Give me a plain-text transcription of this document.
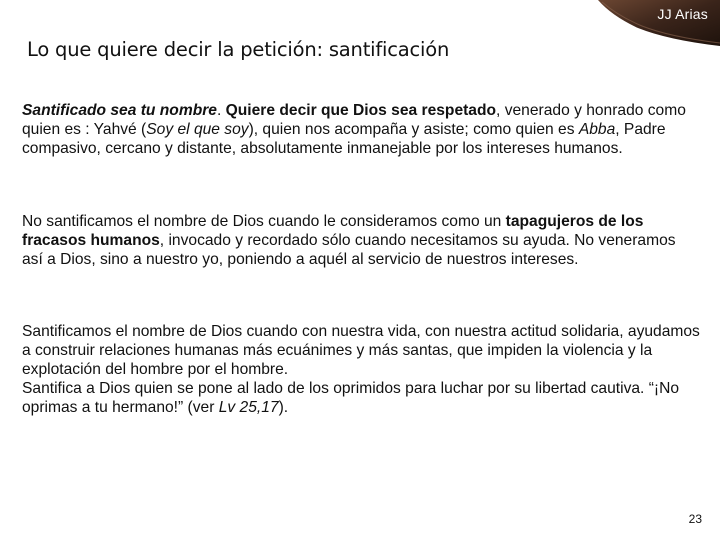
JJ Arias
Lo que quiere decir la petición: santificación

Santificado sea tu nombre. Quiere decir que Dios sea respetado, venerado y honrado como quien es : Yahvé (Soy el que soy), quien nos acompaña y asiste; como quien es Abba, Padre compasivo, cercano y distante, absolutamente inmanejable por los intereses humanos.

No santificamos el nombre de Dios cuando le consideramos como un tapagujeros de los fracasos humanos, invocado y recordado sólo cuando necesitamos su ayuda. No veneramos así a Dios, sino a nuestro yo, poniendo a aquél al servicio de nuestros intereses.

Santificamos el nombre de Dios cuando con nuestra vida, con nuestra actitud solidaria, ayudamos a construir relaciones humanas más ecuánimes y más santas, que impiden la violencia y la explotación del hombre por el hombre.
Santifica a Dios quien se pone al lado de los oprimidos para luchar por su libertad cautiva. “¡No oprimas a tu hermano!” (ver Lv 25,17).

23
